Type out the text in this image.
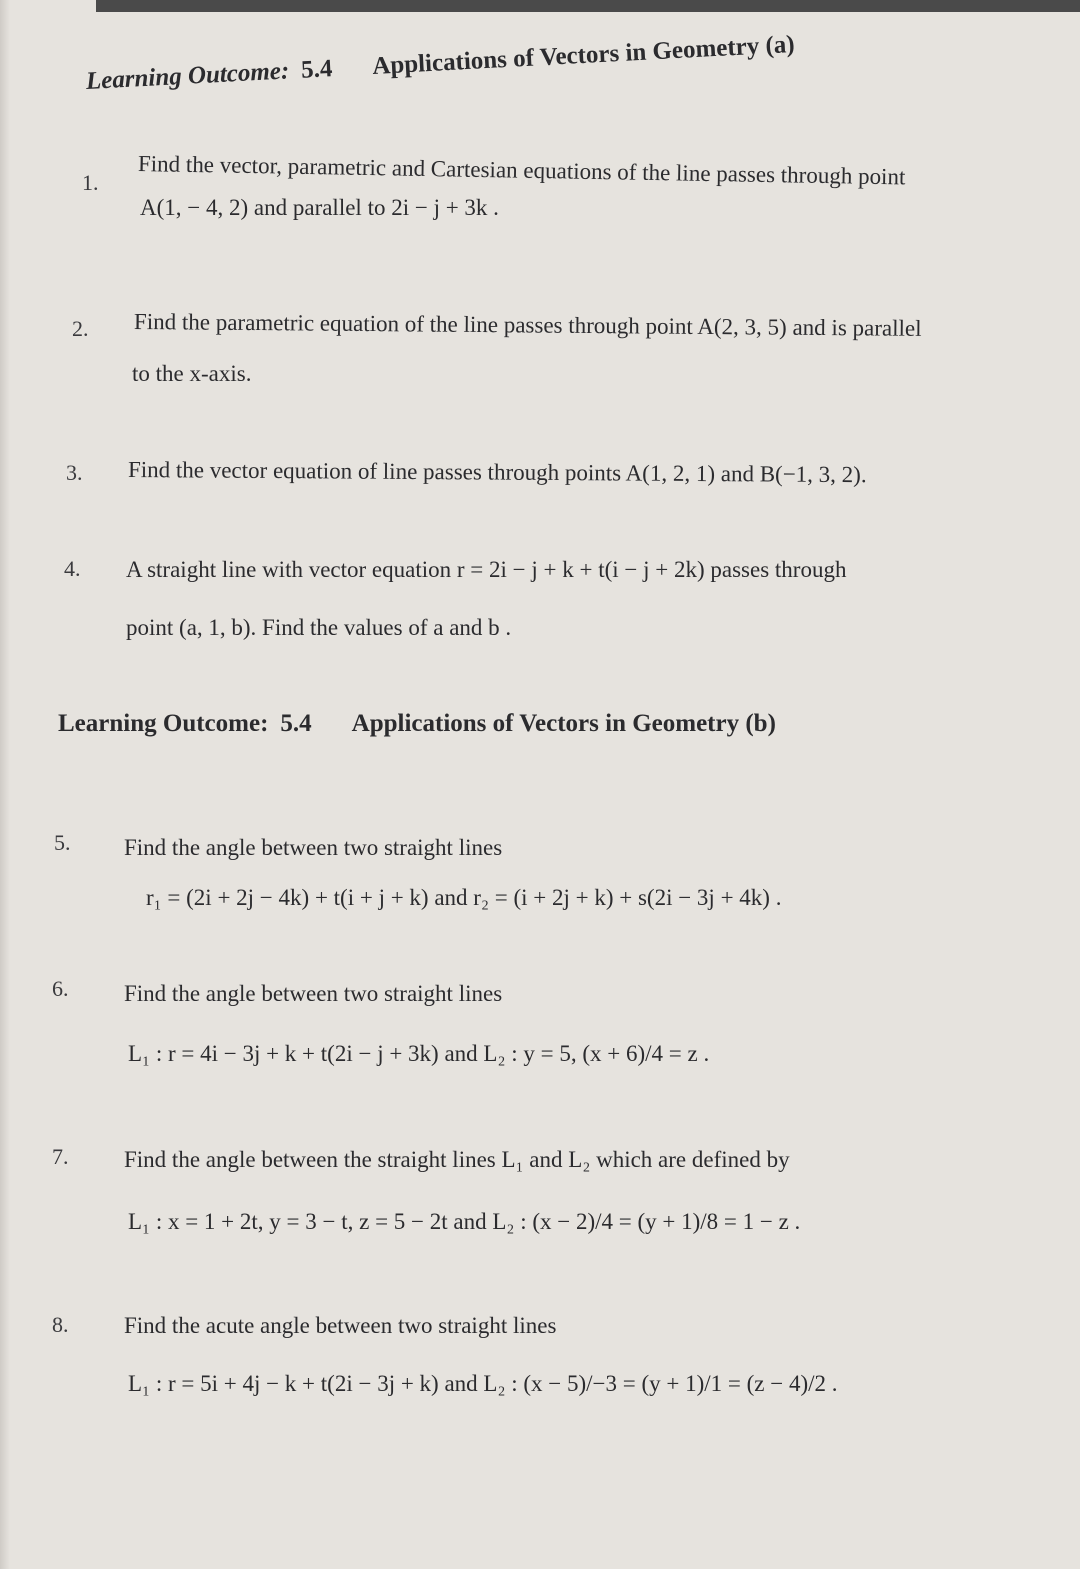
Learning Outcome: 5.4 Applications of Vectors in Geometry (a)
1. Find the vector, parametric and Cartesian equations of the line passes through point
A(1, − 4, 2) and parallel to 2i − j + 3k .
2. Find the parametric equation of the line passes through point A(2, 3, 5) and is parallel
to the x-axis.
3. Find the vector equation of line passes through points A(1, 2, 1) and B(−1, 3, 2).
4. A straight line with vector equation r = 2i − j + k + t(i − j + 2k) passes through
point (a, 1, b). Find the values of a and b .
Learning Outcome: 5.4 Applications of Vectors in Geometry (b)
5. Find the angle between two straight lines
r₁ = (2i + 2j − 4k) + t(i + j + k) and r₂ = (i + 2j + k) + s(2i − 3j + 4k) .
6. Find the angle between two straight lines
L₁ : r = 4i − 3j + k + t(2i − j + 3k) and L₂ : y = 5, (x + 6)/4 = z .
7. Find the angle between the straight lines L₁ and L₂ which are defined by
L₁ : x = 1 + 2t, y = 3 − t, z = 5 − 2t and L₂ : (x − 2)/4 = (y + 1)/8 = 1 − z .
8. Find the acute angle between two straight lines
L₁ : r = 5i + 4j − k + t(2i − 3j + k) and L₂ : (x − 5)/−3 = (y + 1)/1 = (z − 4)/2 .
